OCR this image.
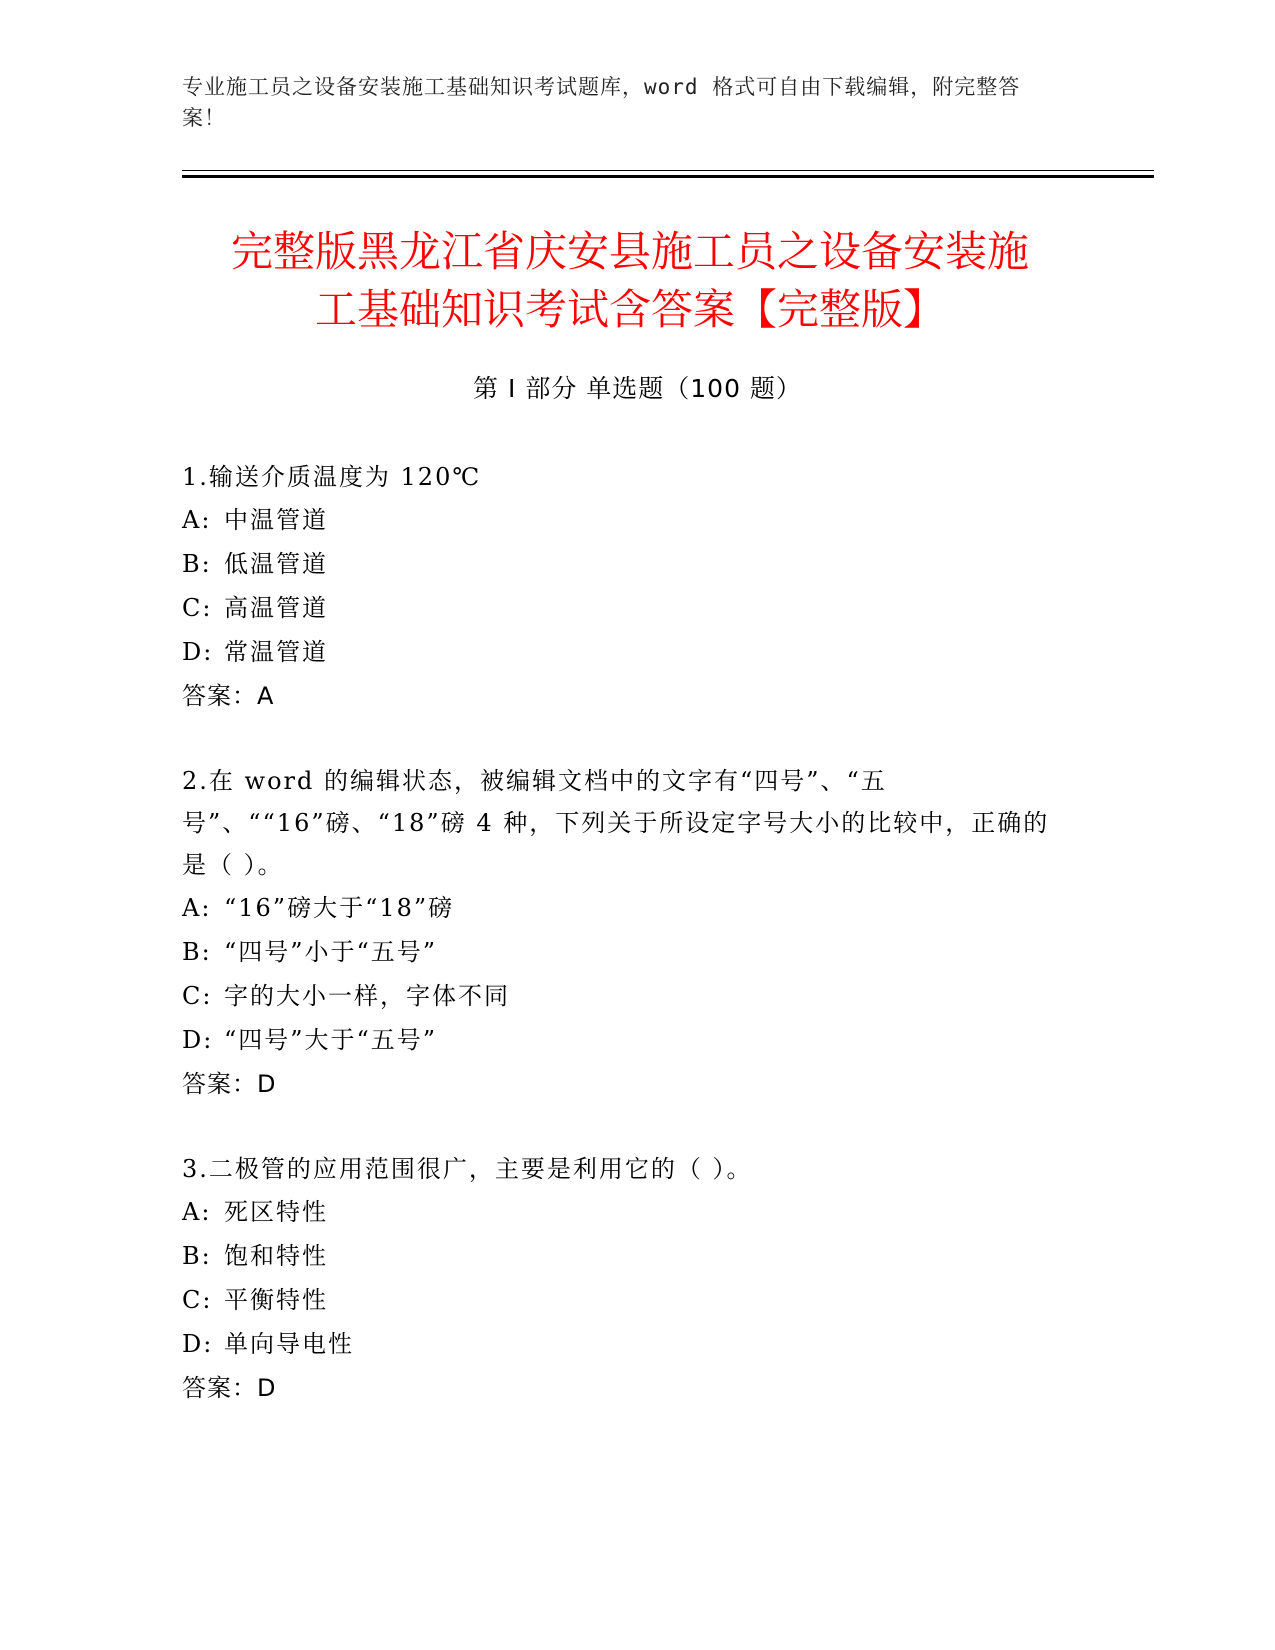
专业施工员之设备安装施工基础知识考试题库，word 格式可自由下载编辑，附完整答案！
完整版黑龙江省庆安县施工员之设备安装施
工基础知识考试含答案【完整版】
第 I 部分 单选题（100 题）

1.输送介质温度为 120℃

A: 中温管道

B: 低温管道

C: 高温管道

D: 常温管道

答案：A

2.在 word 的编辑状态，被编辑文档中的文字有“四号”、“五号”、““16”磅、“18”磅 4 种，下列关于所设定字号大小的比较中，正确的是（ ）。

A: “16”磅大于“18”磅

B: “四号”小于“五号”

C: 字的大小一样，字体不同

D: “四号”大于“五号”

答案：D

3.二极管的应用范围很广，主要是利用它的（ ）。

A: 死区特性

B: 饱和特性

C: 平衡特性

D: 单向导电性

答案：D
